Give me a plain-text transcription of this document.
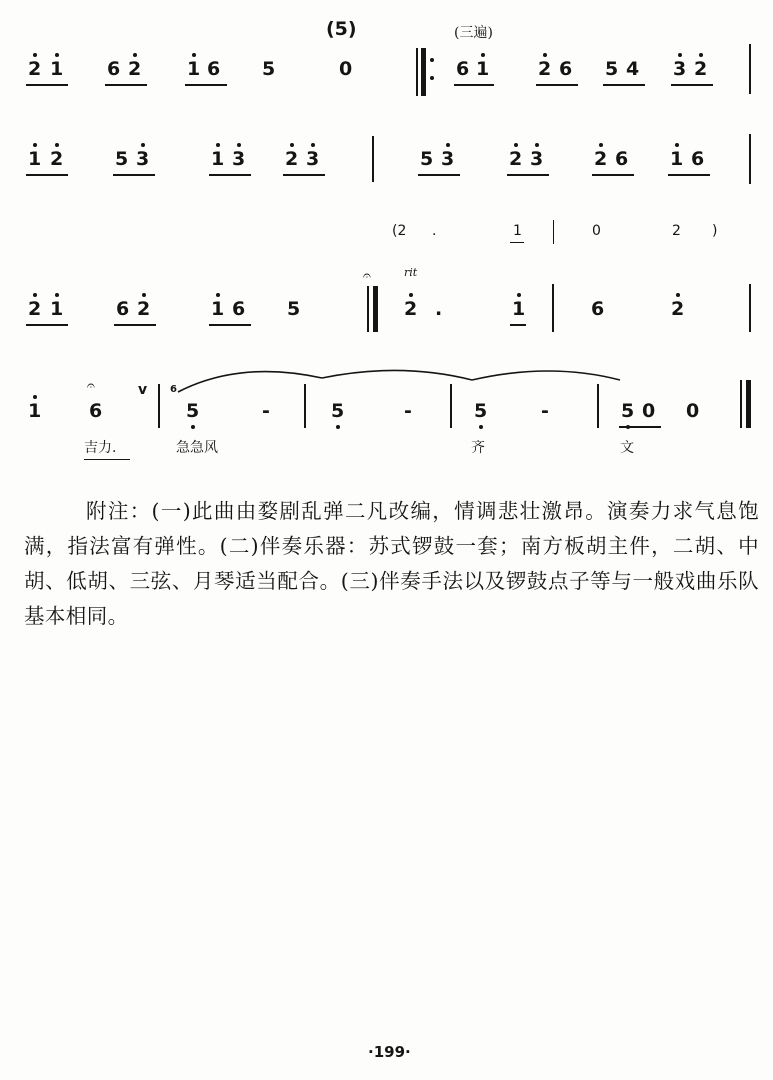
(5)	(三遍)
2 1 6 2 1 6 5	0	6 1	2 6 5 4 3 2
1 2	5 3	1 3 2 3	5 3	2 3	2 6 1 6
(2 .	1	0	2 )
2 1	6 2	1 6 5
𝄐	rit
2 .	1	6	2
1
𝄐
6
v 6
5	-	5	-	5	-	5 0 0
吉力.	急急风	齐	文
附注：(一)此曲由婺剧乱弹二凡改编，情调悲壮激昂。演奏力求气息饱满，指法富有弹性。(二)伴奏乐器：苏式锣鼓一套；南方板胡主件，二胡、中胡、低胡、三弦、月琴适当配合。(三)伴奏手法以及锣鼓点子等与一般戏曲乐队基本相同。
·199·
